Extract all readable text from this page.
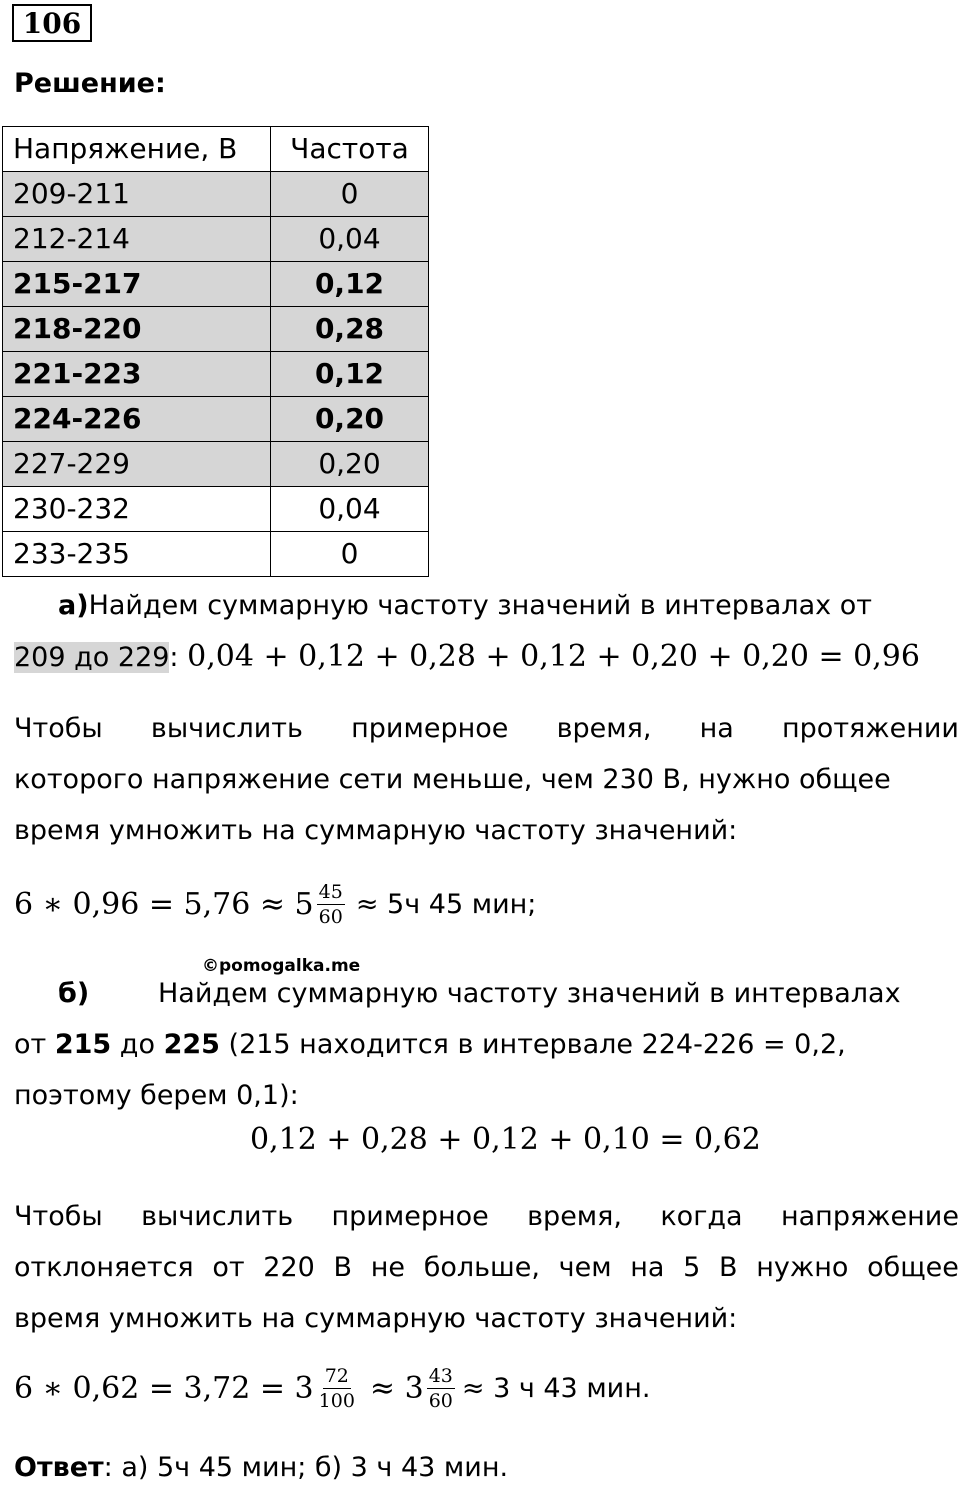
106
Решение:
Напряжение, В	Частота
209-211	0
212-214	0,04
215-217	0,12
218-220	0,28
221-223	0,12
224-226	0,20
227-229	0,20
230-232	0,04
233-235	0
а)Найдем суммарную частоту значений в интервалах от
209 до 229: 0,04 + 0,12 + 0,28 + 0,12 + 0,20 + 0,20 = 0,96
Чтобы вычислить примерное время, на протяжении
которого напряжение сети меньше, чем 230 В, нужно общее
время умножить на суммарную частоту значений:
6 ∗ $0,96 = 5,76 \approx 5 \frac{45}{60} \approx 5ч$ 45 мин;
©pomogalka.me
б)	Найдем суммарную частоту значений в интервалах
от 215 до 225 (215 находится в интервале 224-226 = 0,2,
поэтому берем 0,1):
0,12 + 0,28 + 0,12 + 0,10 = 0,62
Чтобы вычислить примерное время, когда напряжение
отклоняется от 220 В не больше, чем на 5 В нужно общее
время умножить на суммарную частоту значений:
6 ∗ $0,62 = 3,72 = 3 \frac{72}{100} \approx 3 \frac{43}{60} \approx 3$ ч 43 мин.
Ответ: а) 5ч 45 мин; б) 3 ч 43 мин.
